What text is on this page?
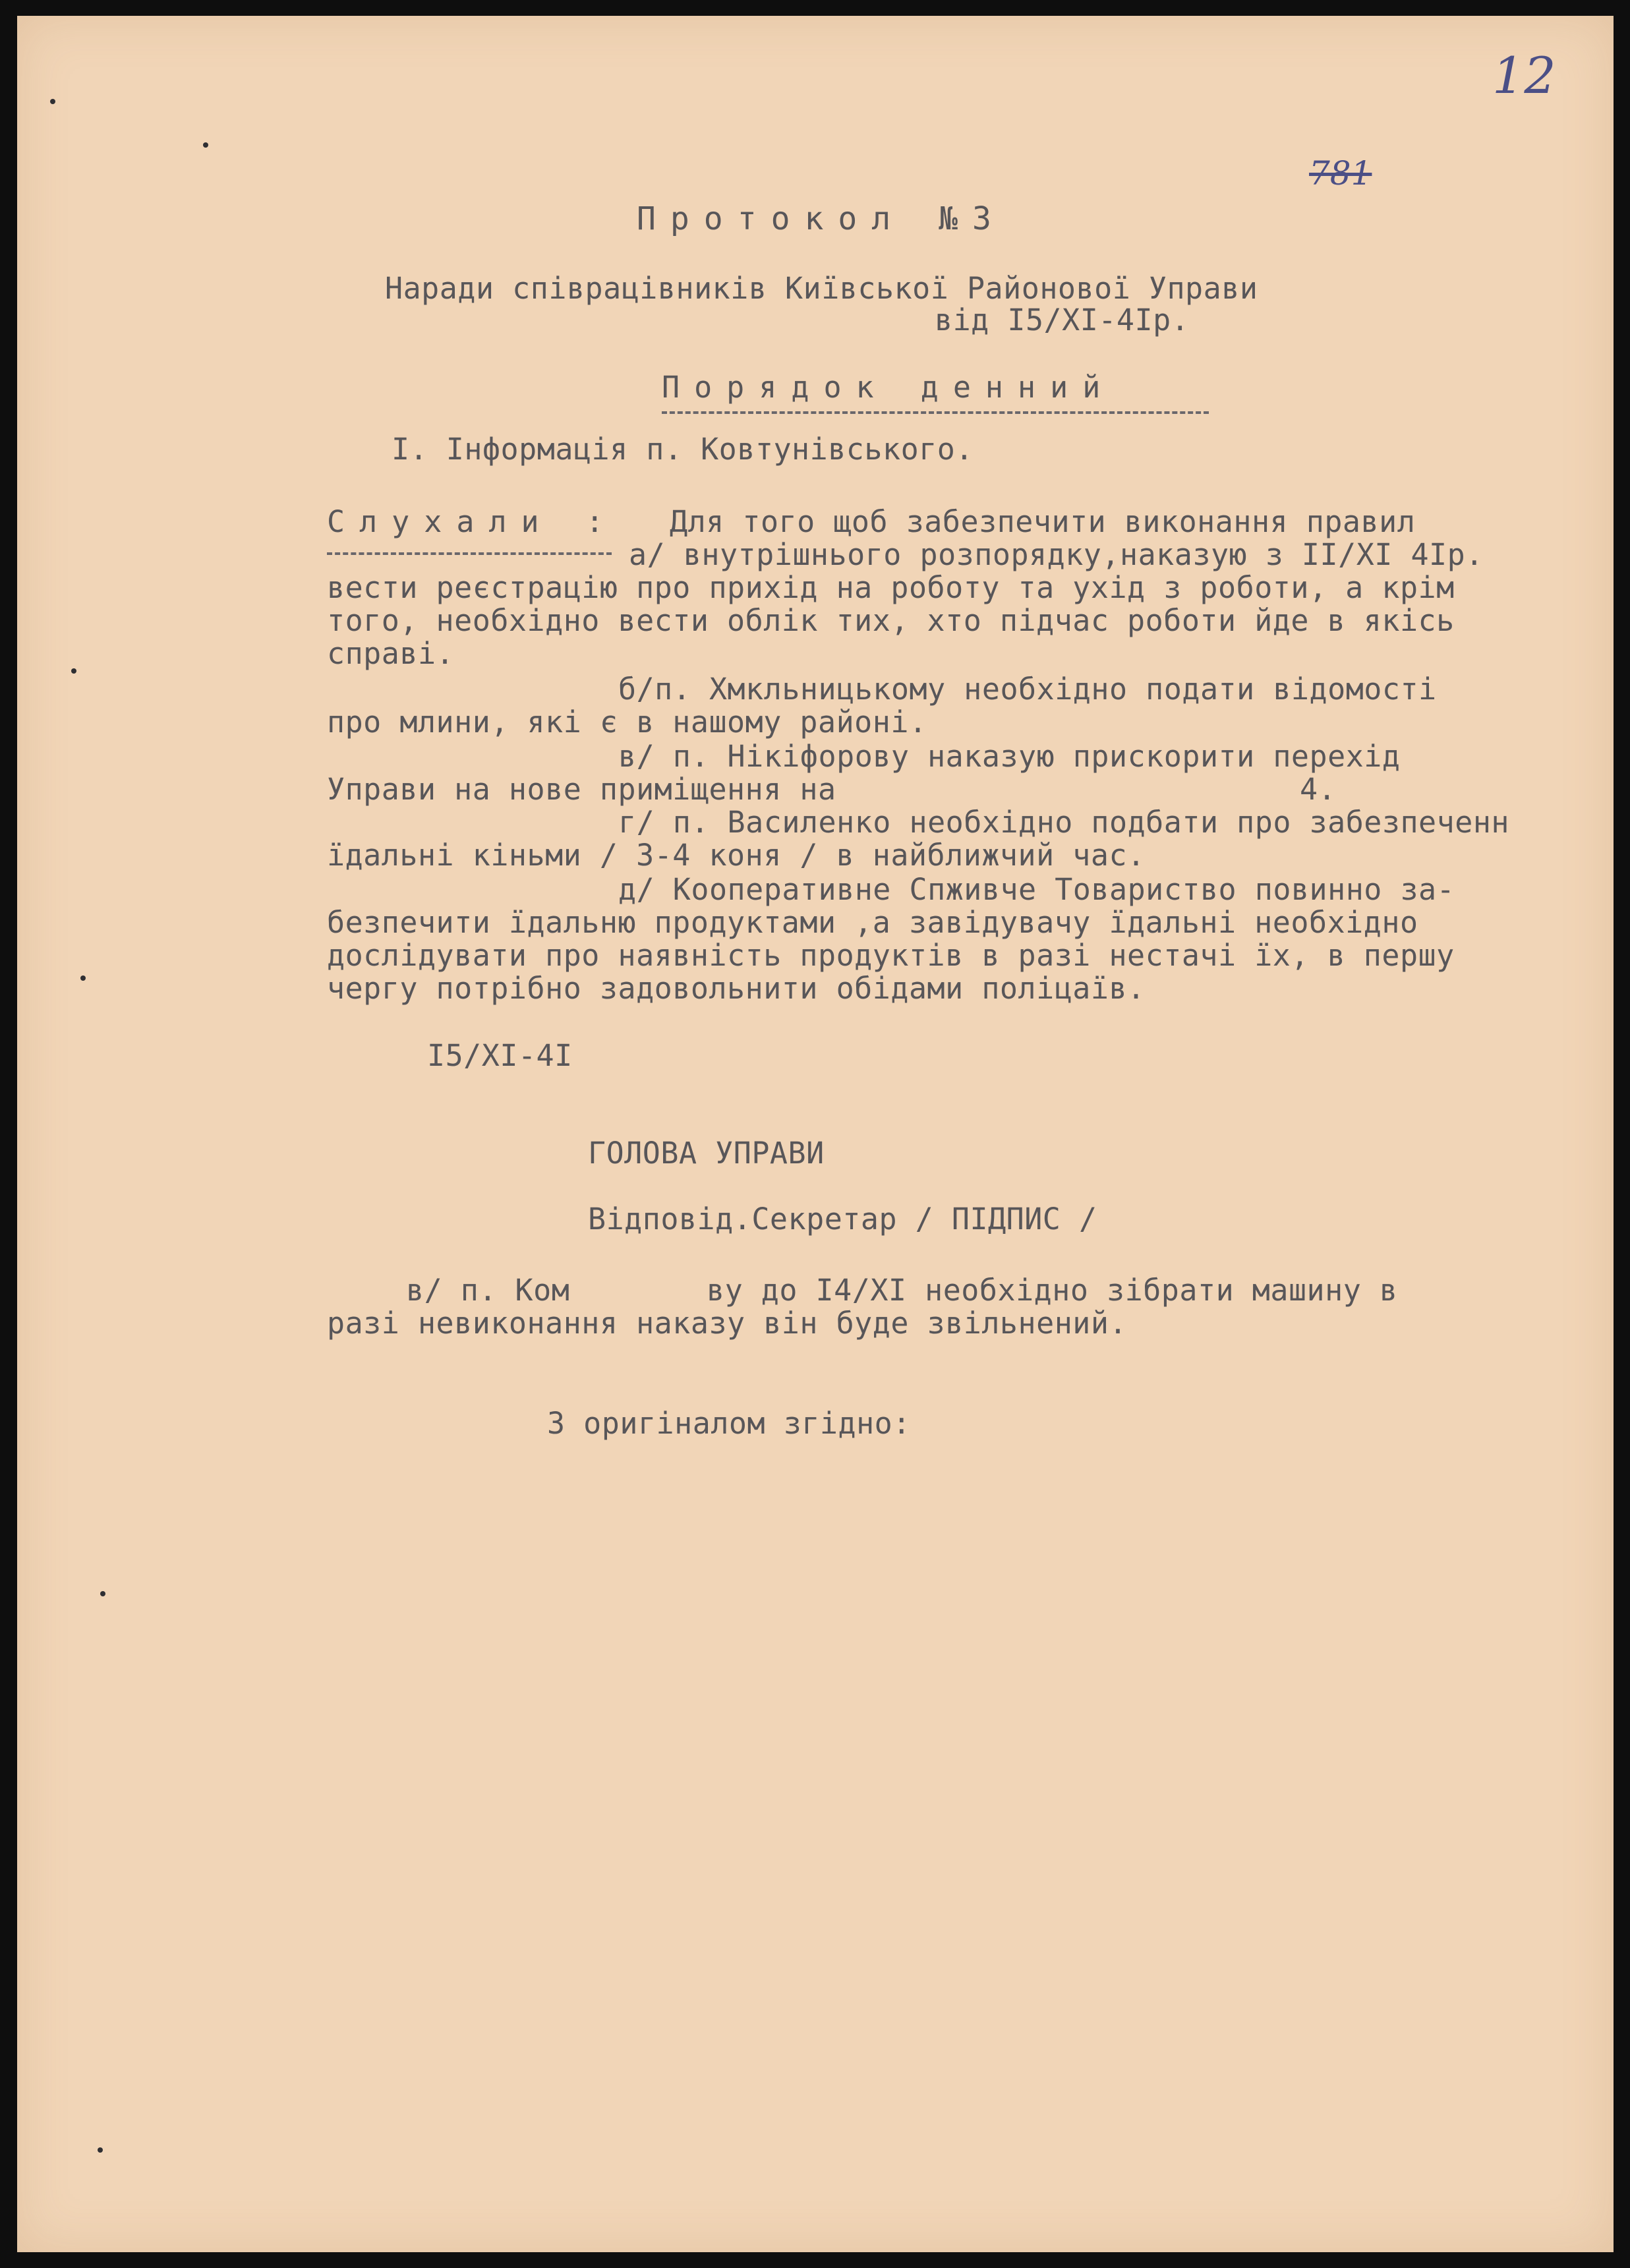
12
781
Протокол №3
Наради співрацівників Київської Районової Управи
від І5/ХІ-4Ір.
Порядок денний
І. Інформація п. Ковтунівського.
Слухали : Для того щоб забезпечити виконання правил
а/ внутрішнього розпорядку,наказую з ІІ/ХІ 4Ір.
вести реєстрацію про прихід на роботу та ухід з роботи, а крім
того, необхідно вести облік тих, хто підчас роботи йде в якісь
справі.
б/п. Хмкльницькому необхідно подати відомості
про млини, які є в нашому районі.
в/ п. Нікіфорову наказую прискорити перехід
Управи на нове приміщення на	4.
г/ п. Василенко необхідно подбати про забезпеченн
їдальні кіньми / 3-4 коня / в найближчий час.
д/ Кооперативне Спживче Товариство повинно за-
безпечити їдальню продуктами ,а завідувачу їдальні необхідно
дослідувати про наявність продуктів в разі нестачі їх, в першу
чергу потрібно задовольнити обідами поліцаїв.
І5/ХІ-4І
ГОЛОВА УПРАВИ
Відповід.Секретар / ПІДПИС /
в/ п. Ком	ву до І4/ХІ необхідно зібрати машину в
разі невиконання наказу він буде звільнений.
З оригіналом згідно:
